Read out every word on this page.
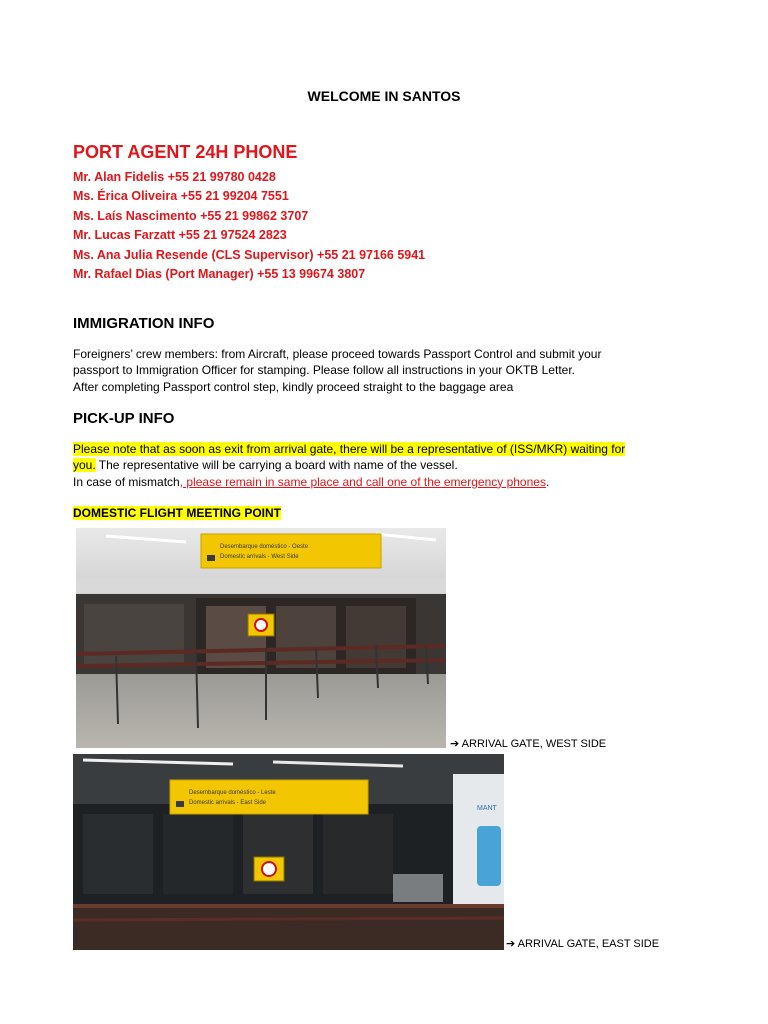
WELCOME IN SANTOS
PORT AGENT 24H PHONE
Mr. Alan Fidelis +55 21 99780 0428
Ms. Érica Oliveira +55 21 99204 7551
Ms. Laís Nascimento +55 21 99862 3707
Mr. Lucas Farzatt +55 21 97524 2823
Ms. Ana Julia Resende (CLS Supervisor) +55 21 97166 5941
Mr. Rafael Dias (Port Manager) +55 13 99674 3807
IMMIGRATION INFO
Foreigners’ crew members: from Aircraft, please proceed towards Passport Control and submit your
passport to Immigration Officer for stamping. Please follow all instructions in your OKTB Letter.
After completing Passport control step, kindly proceed straight to the baggage area
PICK-UP INFO
Please note that as soon as exit from arrival gate, there will be a representative of (ISS/MKR) waiting for
you. The representative will be carrying a board with name of the vessel.
In case of mismatch, please remain in same place and call one of the emergency phones.
DOMESTIC FLIGHT MEETING POINT
Desembarque doméstico - Oeste
Domestic arrivals - West Side
➔ ARRIVAL GATE, WEST SIDE
Desembarque doméstico - Leste
Domestic arrivals - East Side
MANT
➔ ARRIVAL GATE, EAST SIDE
